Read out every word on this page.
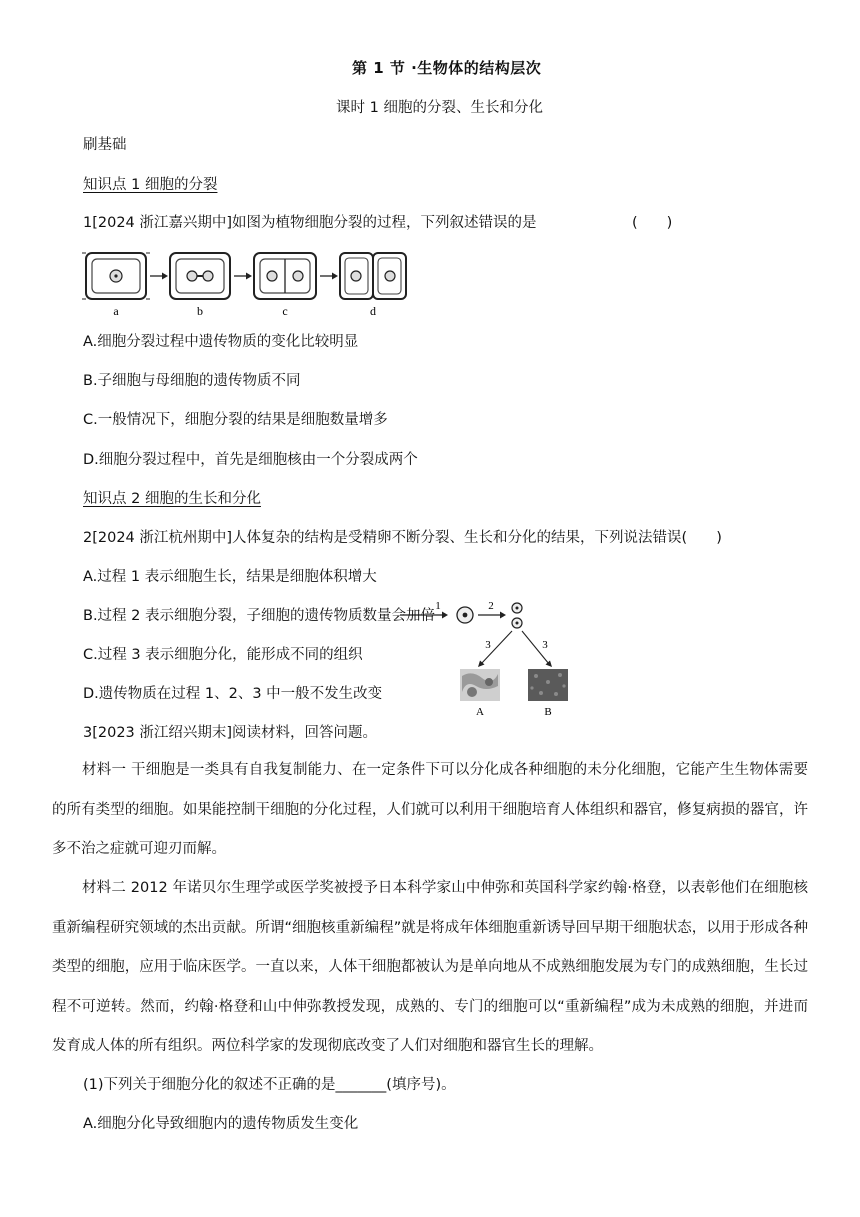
第 1 节 ·生物体的结构层次
课时 1 细胞的分裂、生长和分化
刷基础
知识点 1 细胞的分裂
1[2024 浙江嘉兴期中]如图为植物细胞分裂的过程，下列叙述错误的是	(　　)
a	b	c	d
A.细胞分裂过程中遗传物质的变化比较明显
B.子细胞与母细胞的遗传物质不同
C.一般情况下，细胞分裂的结果是细胞数量增多
D.细胞分裂过程中，首先是细胞核由一个分裂成两个
知识点 2 细胞的生长和分化
2[2024 浙江杭州期中]人体复杂的结构是受精卵不断分裂、生长和分化的结果，下列说法错误(　　)
A.过程 1 表示细胞生长，结果是细胞体积增大
1	2
3	3
A	B
B.过程 2 表示细胞分裂，子细胞的遗传物质数量会加倍
C.过程 3 表示细胞分化，能形成不同的组织
D.遗传物质在过程 1、2、3 中一般不发生改变
3[2023 浙江绍兴期末]阅读材料，回答问题。
材料一 干细胞是一类具有自我复制能力、在一定条件下可以分化成各种细胞的未分化细胞，它能产生生物体需要的所有类型的细胞。如果能控制干细胞的分化过程，人们就可以利用干细胞培育人体组织和器官，修复病损的器官，许多不治之症就可迎刃而解。
材料二 2012 年诺贝尔生理学或医学奖被授予日本科学家山中伸弥和英国科学家约翰·格登，以表彰他们在细胞核重新编程研究领域的杰出贡献。所谓“细胞核重新编程”就是将成年体细胞重新诱导回早期干细胞状态，以用于形成各种类型的细胞，应用于临床医学。一直以来，人体干细胞都被认为是单向地从不成熟细胞发展为专门的成熟细胞，生长过程不可逆转。然而，约翰·格登和山中伸弥教授发现，成熟的、专门的细胞可以“重新编程”成为未成熟的细胞，并进而发育成人体的所有组织。两位科学家的发现彻底改变了人们对细胞和器官生长的理解。
(1)下列关于细胞分化的叙述不正确的是_______(填序号)。
A.细胞分化导致细胞内的遗传物质发生变化
